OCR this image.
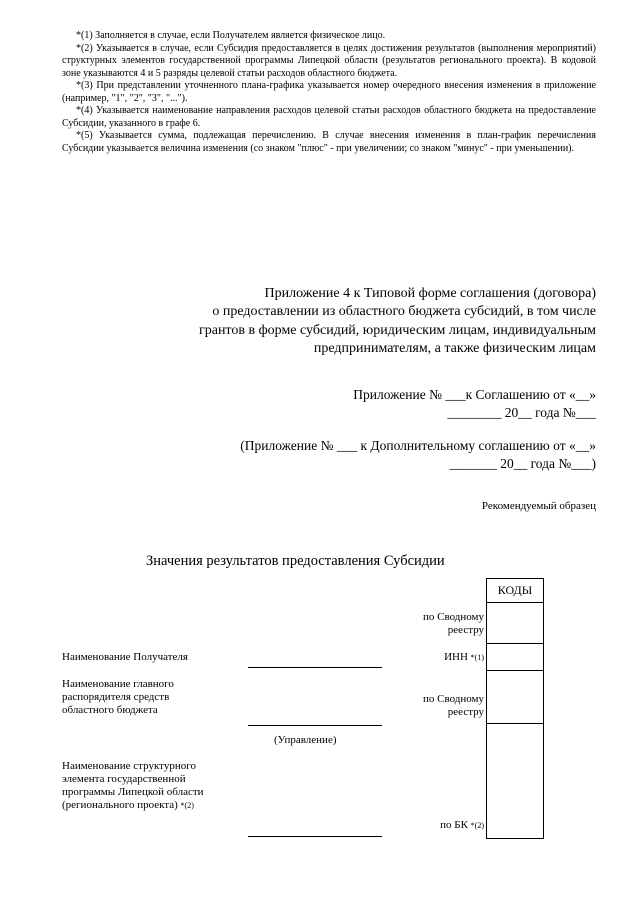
*(1) Заполняется в случае, если Получателем является физическое лицо.

*(2) Указывается в случае, если Субсидия предоставляется в целях достижения результатов (выполнения мероприятий) структурных элементов государственной программы Липецкой области (результатов регионального проекта). В кодовой зоне указываются 4 и 5 разряды целевой статьи расходов областного бюджета.

*(3) При представлении уточненного плана-графика указывается номер очередного внесения изменения в приложение (например, "1", "2", "3", "...").

*(4) Указывается наименование направления расходов целевой статьи расходов областного бюджета на предоставление Субсидии, указанного в графе 6.

*(5) Указывается сумма, подлежащая перечислению. В случае внесения изменения в план-график перечисления Субсидии указывается величина изменения (со знаком "плюс" - при увеличении; со знаком "минус" - при уменьшении).

Приложение 4 к Типовой форме соглашения (договора)
о предоставлении из областного бюджета субсидий, в том числе
грантов в форме субсидий, юридическим лицам, индивидуальным
предпринимателям, а также физическим лицам
Приложение № ___к Соглашению от «__»
________ 20__ года №___
(Приложение № ___ к Дополнительному соглашению от «__»
_______ 20__ года №___)
Рекомендуемый образец
Значения результатов предоставления Субсидии
КОДЫ
по Сводному реестру
ИНН *(1)
по Сводному реестру
по БК *(2)
Наименование Получателя
Наименование главного распорядителя средств областного бюджета
(Управление)
Наименование структурного элемента государственной программы Липецкой области (регионального проекта) *(2)
